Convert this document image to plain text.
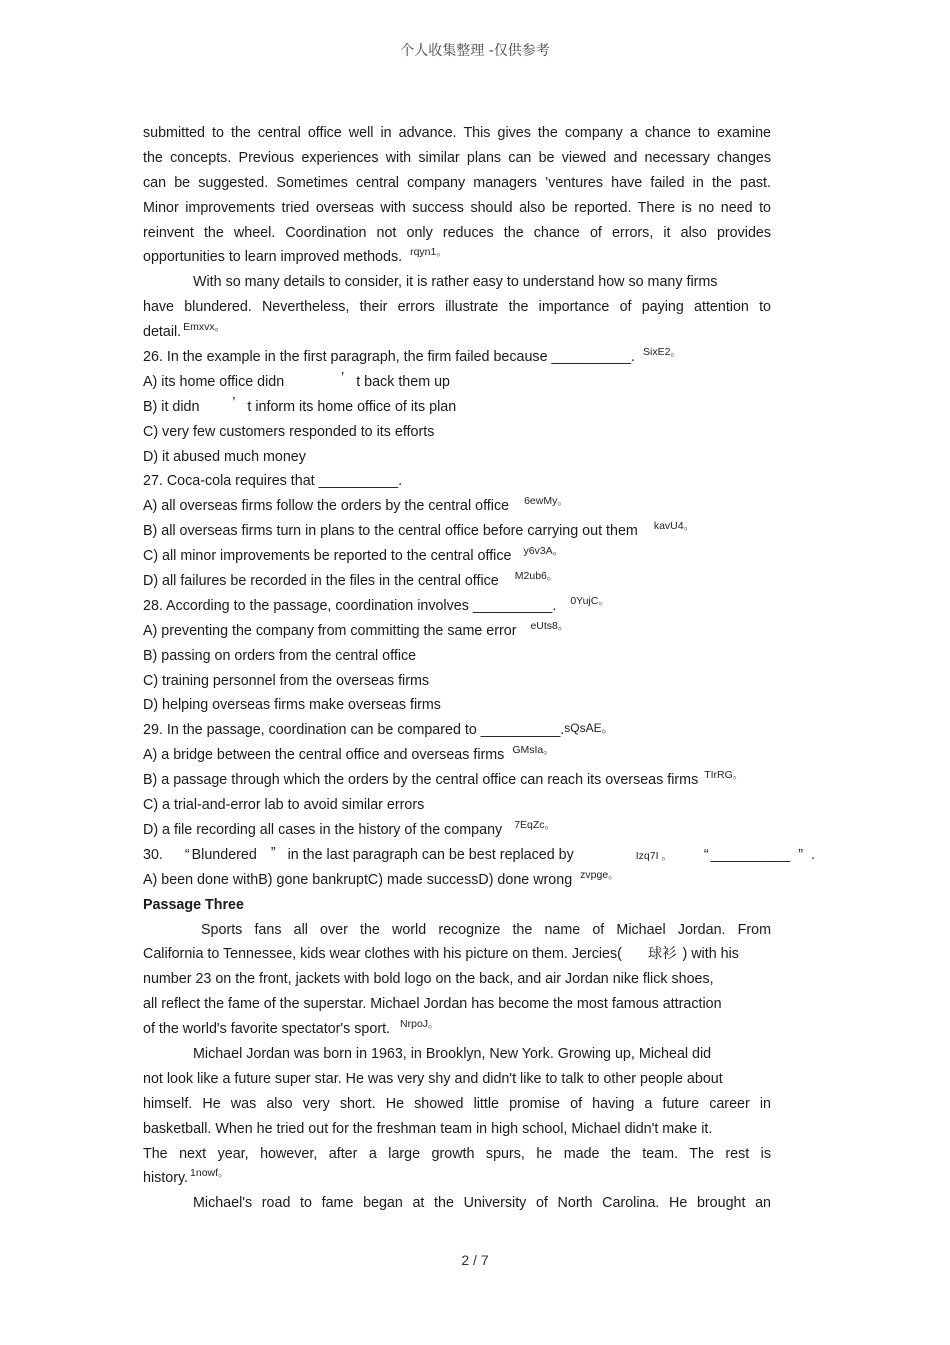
个人收集整理 -仅供参考
submitted to the central office well in advance. This gives the company a chance to examine
the concepts. Previous experiences with similar plans can be viewed and necessary changes
can be suggested. Sometimes central company managers ’ventures have failed in the past.
Minor improvements tried overseas with success should also be reported. There is no need to
reinvent the wheel. Coordination not only reduces the chance of errors, it also provides
opportunities to learn improved methods. $^{rqyn1。}$
With so many details to consider, it is rather easy to understand how so many firms
have blundered. Nevertheless, their errors illustrate the importance of paying attention to
detail. $^{Emxvx。}$
26. In the example in the first paragraph, the firm failed because __________. $^{SixE2。}$
A) its home office didn	’ t back them up
B) it didn ’ t inform its home office of its plan
C) very few customers responded to its efforts
D) it abused much money
27. Coca-cola requires that __________.
A) all overseas firms follow the orders by the central office $^{6ewMy。}$
B) all overseas firms turn in plans to the central office before carrying out them $^{kavU4。}$
C) all minor improvements be reported to the central office $^{y6v3A。}$
D) all failures be recorded in the files in the central office $^{M2ub6。}$
28. According to the passage, coordination involves __________. $^{0YujC。}$
A) preventing the company from committing the same error $^{eUts8。}$
B) passing on orders from the central office
C) training personnel from the overseas firms
D) helping overseas firms make overseas firms
29. In the passage, coordination can be compared to __________.sQsAE。
A) a bridge between the central office and overseas firms $^{GMsIa。}$
B) a passage through which the orders by the central office can reach its overseas firms $^{TIrRG。}$
C) a trial-and-error lab to avoid similar errors
D) a file recording all cases in the history of the company $^{7EqZc。}$
30. “ Blundered ” in the last paragraph can be best replaced by	Izq7I 。 “ __________ ” .
A) been done withB) gone bankruptC) made successD) done wrong $^{zvpge。}$
Passage Three
Sports fans all over the world recognize the name of Michael Jordan. From
California to Tennessee, kids wear clothes with his picture on them. Jercies( 球衫 ) with his
number 23 on the front, jackets with bold logo on the back, and air Jordan nike flick shoes,
all reflect the fame of the superstar. Michael Jordan has become the most famous attraction
of the world's favorite spectator's sport. $^{NrpoJ。}$
Michael Jordan was born in 1963, in Brooklyn, New York. Growing up, Micheal did
not look like a future super star. He was very shy and didn't like to talk to other people about
himself. He was also very short. He showed little promise of having a future career in
basketball. When he tried out for the freshman team in high school, Michael didn't make it.
The next year, however, after a large growth spurs, he made the team. The rest is
history. $^{1nowf。}$
Michael's road to fame began at the University of North Carolina. He brought an
2 / 7
